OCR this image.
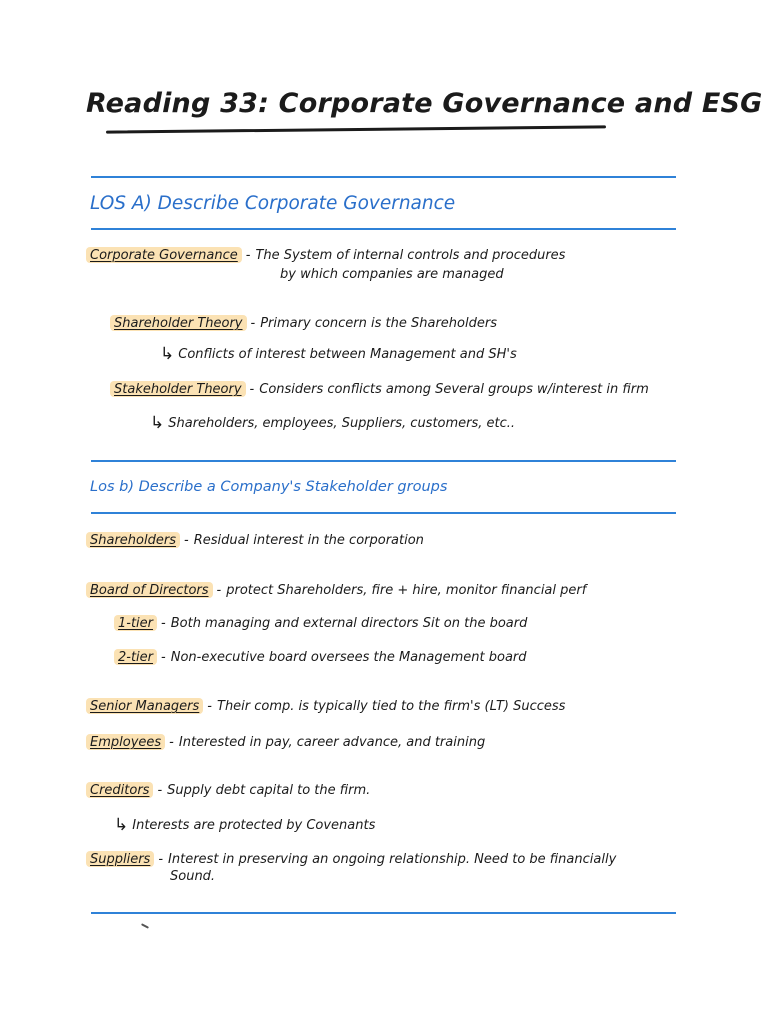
Reading 33: Corporate Governance and ESG
LOS A) Describe Corporate Governance
Corporate Governance - The System of internal controls and procedures
by which companies are managed
Shareholder Theory - Primary concern is the Shareholders
↳ Conflicts of interest between Management and SH's
Stakeholder Theory - Considers conflicts among Several groups w/interest in firm
↳ Shareholders, employees, Suppliers, customers, etc..
Los b) Describe a Company's Stakeholder groups
Shareholders - Residual interest in the corporation
Board of Directors - protect Shareholders, fire + hire, monitor financial perf
1-tier - Both managing and external directors Sit on the board
2-tier - Non-executive board oversees the Management board
Senior Managers - Their comp. is typically tied to the firm's (LT) Success
Employees - Interested in pay, career advance, and training
Creditors - Supply debt capital to the firm.
↳ Interests are protected by Covenants
Suppliers - Interest in preserving an ongoing relationship. Need to be financially
Sound.
